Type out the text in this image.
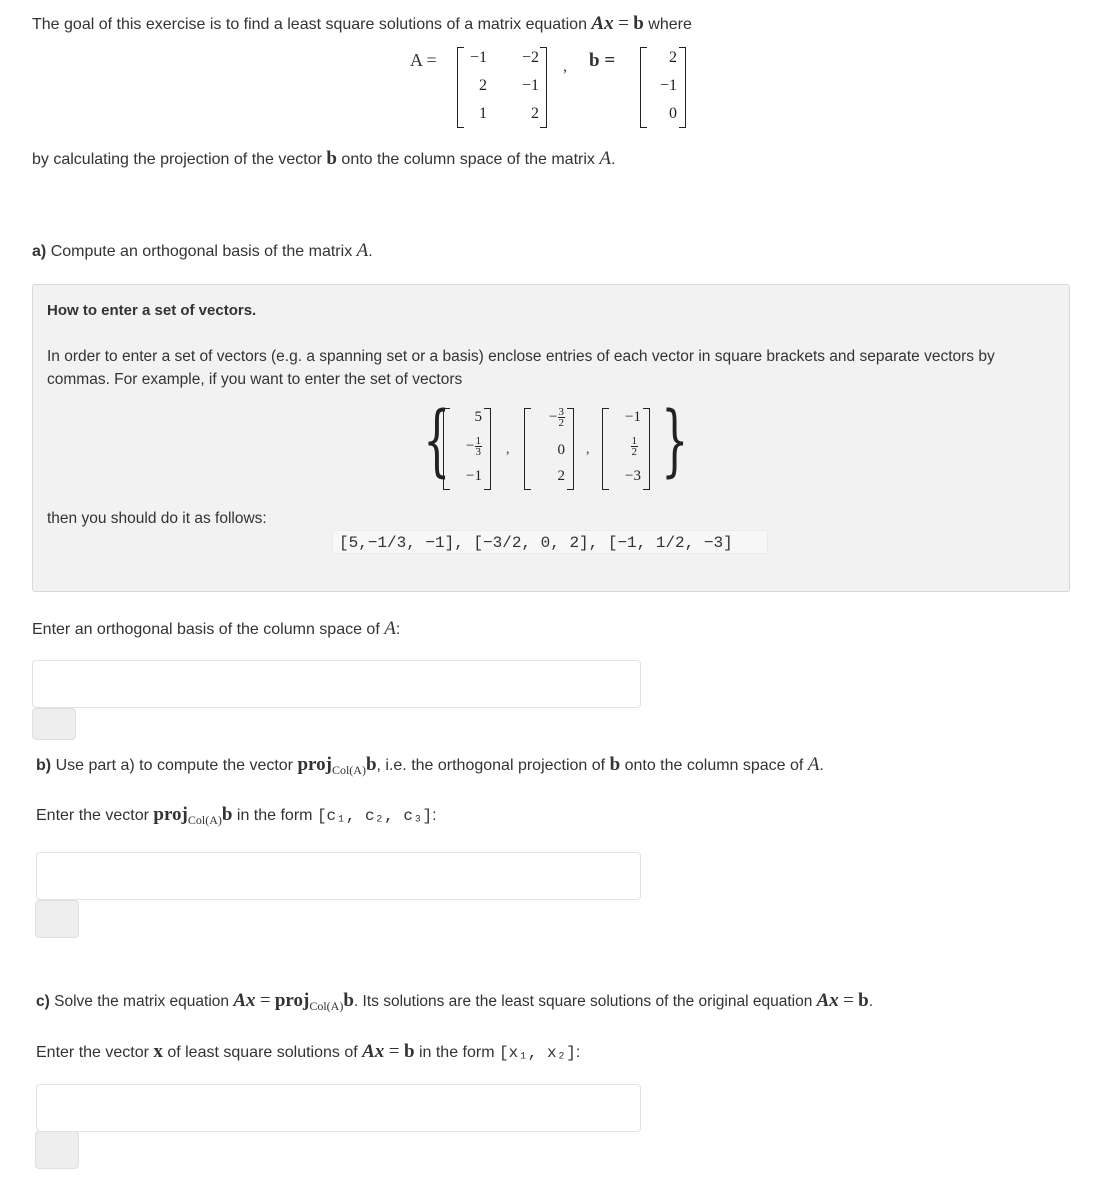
The goal of this exercise is to find a least square solutions of a matrix equation Ax = b where
A = −1 −2
2 −1
1	2
, b =	2
−1
0
by calculating the projection of the vector b onto the column space of the matrix A.
a) Compute an orthogonal basis of the matrix A.
How to enter a set of vectors.
In order to enter a set of vectors (e.g. a spanning set or a basis) enclose entries of each vector in square brackets and separate vectors by
commas. For example, if you want to enter the set of vectors
{	}
5
− $\frac{1}{3}$
−1
,
− $\frac{3}{2}$
0
2
,
−1
$\frac{1}{2}$
−3
then you should do it as follows:
[5,−1/3, −1], [−3/2, 0, 2], [−1, 1/2, −3]
Enter an orthogonal basis of the column space of A:
b) Use part a) to compute the vector proj$_{Col(A)}$b, i.e. the orthogonal projection of b onto the column space of A.
Enter the vector proj$_{Col(A)}$b in the form [c₁, c₂, c₃]:
c) Solve the matrix equation Ax = proj$_{Col(A)}$b. Its solutions are the least square solutions of the original equation Ax = b.
Enter the vector x of least square solutions of Ax = b in the form [x₁, x₂]:
